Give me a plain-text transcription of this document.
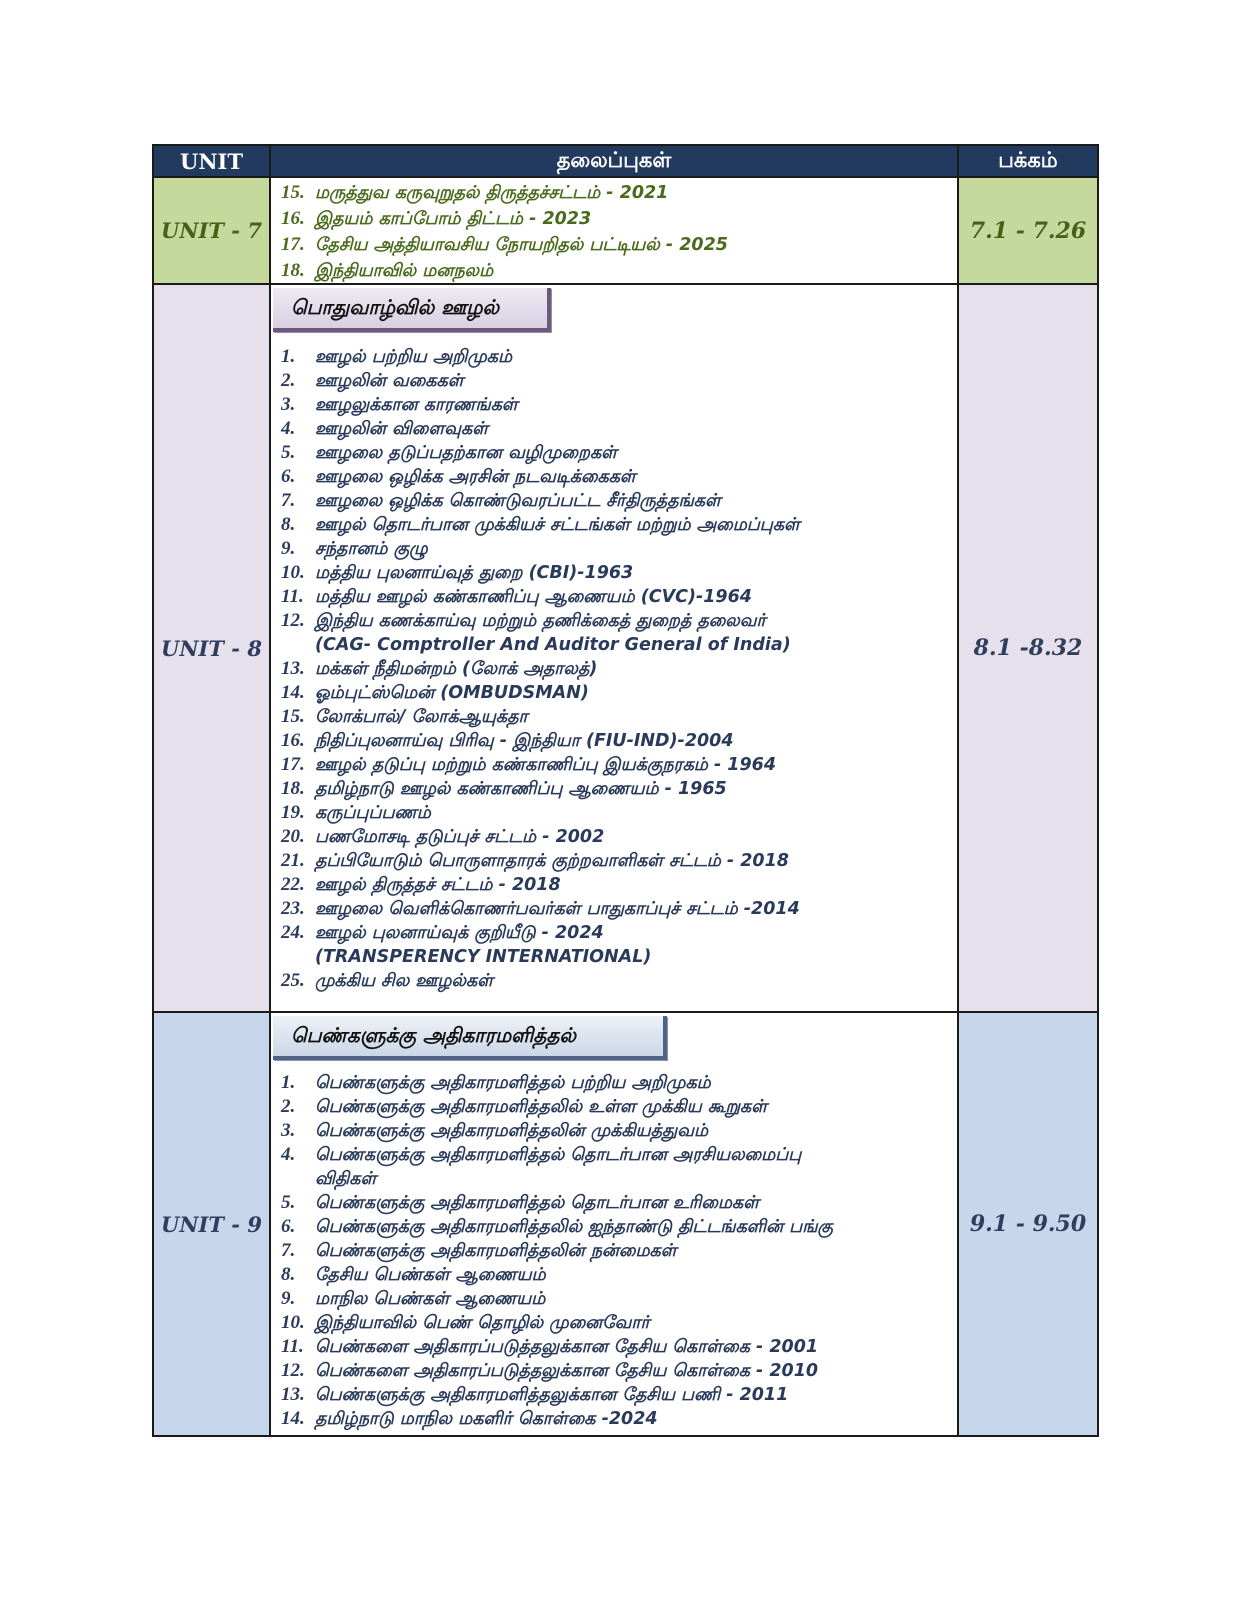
UNIT	தலைப்புகள்	பக்கம்
UNIT - 7
15. மருத்துவ கருவுறுதல் திருத்தச்சட்டம் - 2021
16. இதயம் காப்போம் திட்டம் - 2023
17. தேசிய அத்தியாவசிய நோயறிதல் பட்டியல் - 2025
18. இந்தியாவில் மனநலம்
7.1 - 7.26
UNIT - 8
பொதுவாழ்வில் ஊழல்
1. ஊழல் பற்றிய அறிமுகம்
2. ஊழலின் வகைகள்
3. ஊழலுக்கான காரணங்கள்
4. ஊழலின் விளைவுகள்
5. ஊழலை தடுப்பதற்கான வழிமுறைகள்
6. ஊழலை ஒழிக்க அரசின் நடவடிக்கைகள்
7. ஊழலை ஒழிக்க கொண்டுவரப்பட்ட சீர்திருத்தங்கள்
8. ஊழல் தொடர்பான முக்கியச் சட்டங்கள் மற்றும் அமைப்புகள்
9. சந்தானம் குழு
10. மத்திய புலனாய்வுத் துறை (CBI)-1963
11. மத்திய ஊழல் கண்காணிப்பு ஆணையம் (CVC)-1964
12. இந்திய கணக்காய்வு மற்றும் தணிக்கைத் துறைத் தலைவர்
(CAG- Comptroller And Auditor General of India)
13. மக்கள் நீதிமன்றம் (லோக் அதாலத்)
14. ஓம்புட்ஸ்மென் (OMBUDSMAN)
15. லோக்பால்/ லோக்ஆயுக்தா
16. நிதிப்புலனாய்வு பிரிவு - இந்தியா (FIU-IND)-2004
17. ஊழல் தடுப்பு மற்றும் கண்காணிப்பு இயக்குநரகம் - 1964
18. தமிழ்நாடு ஊழல் கண்காணிப்பு ஆணையம் - 1965
19. கருப்புப்பணம்
20. பணமோசடி தடுப்புச் சட்டம் - 2002
21. தப்பியோடும் பொருளாதாரக் குற்றவாளிகள் சட்டம் - 2018
22. ஊழல் திருத்தச் சட்டம் - 2018
23. ஊழலை வெளிக்கொணர்பவர்கள் பாதுகாப்புச் சட்டம் -2014
24. ஊழல் புலனாய்வுக் குறியீடு - 2024
(TRANSPERENCY INTERNATIONAL)
25. முக்கிய சில ஊழல்கள்
8.1 -8.32
UNIT - 9
பெண்களுக்கு அதிகாரமளித்தல்
1. பெண்களுக்கு அதிகாரமளித்தல் பற்றிய அறிமுகம்
2. பெண்களுக்கு அதிகாரமளித்தலில் உள்ள முக்கிய கூறுகள்
3. பெண்களுக்கு அதிகாரமளித்தலின் முக்கியத்துவம்
4. பெண்களுக்கு அதிகாரமளித்தல் தொடர்பான அரசியலமைப்பு
விதிகள்
5. பெண்களுக்கு அதிகாரமளித்தல் தொடர்பான உரிமைகள்
6. பெண்களுக்கு அதிகாரமளித்தலில் ஐந்தாண்டு திட்டங்களின் பங்கு
7. பெண்களுக்கு அதிகாரமளித்தலின் நன்மைகள்
8. தேசிய பெண்கள் ஆணையம்
9. மாநில பெண்கள் ஆணையம்
10. இந்தியாவில் பெண் தொழில் முனைவோர்
11. பெண்களை அதிகாரப்படுத்தலுக்கான தேசிய கொள்கை - 2001
12. பெண்களை அதிகாரப்படுத்தலுக்கான தேசிய கொள்கை - 2010
13. பெண்களுக்கு அதிகாரமளித்தலுக்கான தேசிய பணி - 2011
14. தமிழ்நாடு மாநில மகளிர் கொள்கை -2024
9.1 - 9.50
